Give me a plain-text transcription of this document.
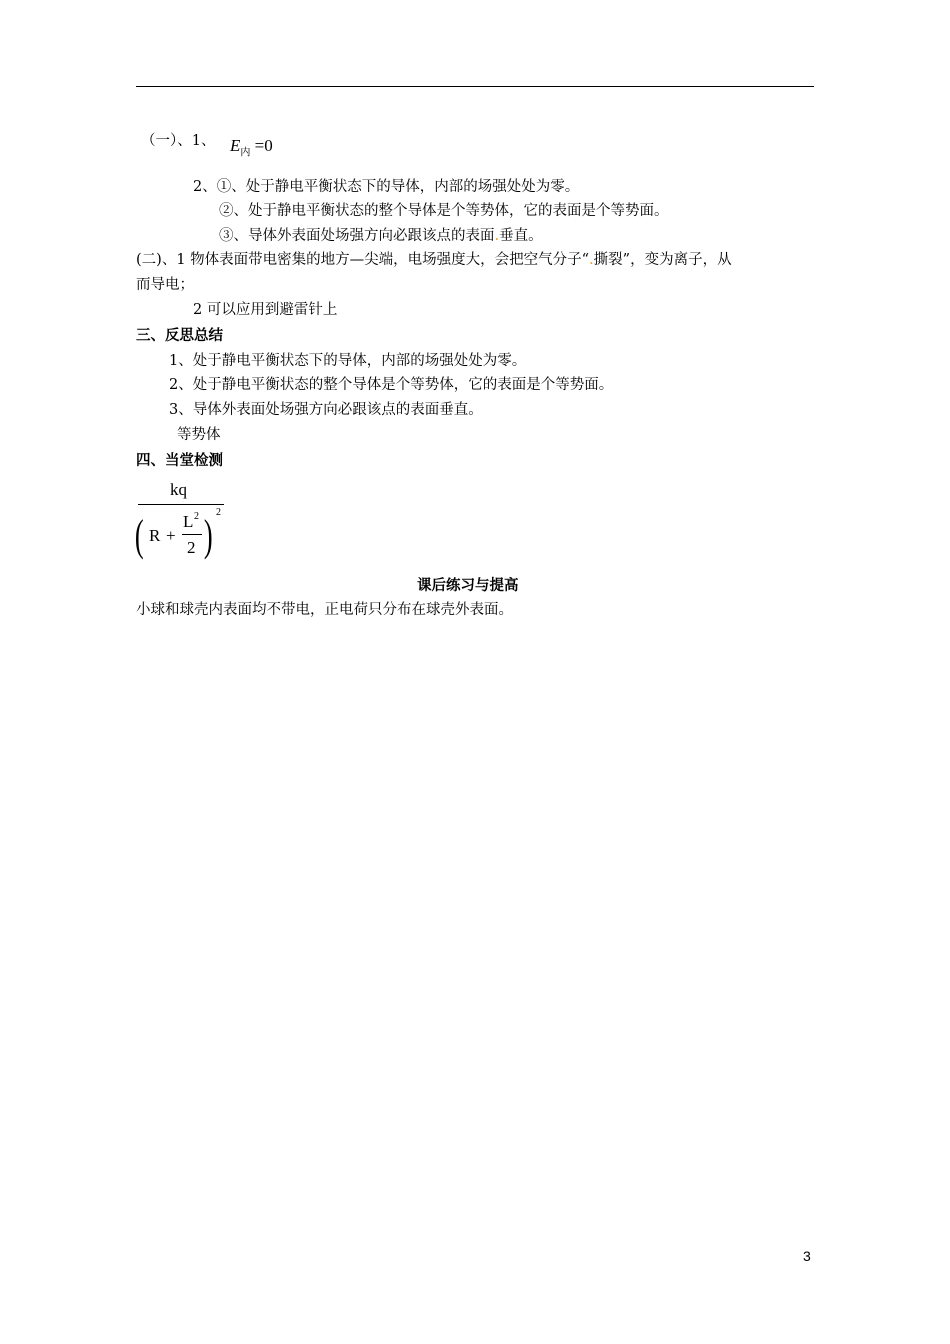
（一）、1、 $E_内 =0$
2、①、处于静电平衡状态下的导体，内部的场强处处为零。
②、处于静电平衡状态的整个导体是个等势体，它的表面是个等势面。
③、导体外表面处场强方向必跟该点的表面.垂直。
(二)、1 物体表面带电密集的地方—尖端，电场强度大，会把空气分子“.撕裂”，变为离子，从
而导电；
2 可以应用到避雷针上
三、反思总结
1、处于静电平衡状态下的导体，内部的场强处处为零。
2、处于静电平衡状态的整个导体是个等势体，它的表面是个等势面。
3、导体外表面处场强方向必跟该点的表面垂直。
等势体
四、当堂检测
kq
( R +
L 2
2 ) 2
课后练习与提高
小球和球壳内表面均不带电，正电荷只分布在球壳外表面。
3
